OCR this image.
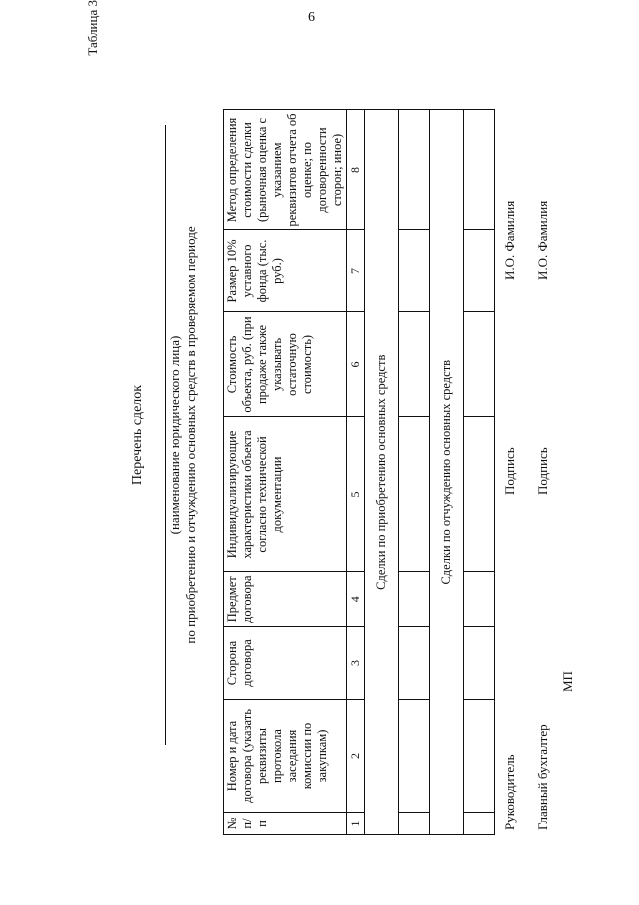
6
Таблица 3
Перечень сделок (наименование юридического лица) по приобретению и отчуждению основных средств в проверяемом периоде
№ п/п	Номер и дата договора (указать реквизиты протокола заседания комиссии по закупкам)	Сторона договора	Предмет договора	Индивидуализирующие характеристики объекта согласно технической документации	Стоимость объекта, руб. (при продаже также указывать остаточную стоимость)	Размер 10% уставного фонда (тыс. руб.)	Метод определения стоимости сделки (рыночная оценка с указанием реквизитов отчета об оценке; по договоренности сторон; иное)
1	2	3	4	5	6	7	8
Сделки по приобретению основных средств							

Сделки по отчуждению основных средств							

Руководитель
Подпись
И.О. Фамилия
Главный бухгалтер
Подпись
И.О. Фамилия
МП
